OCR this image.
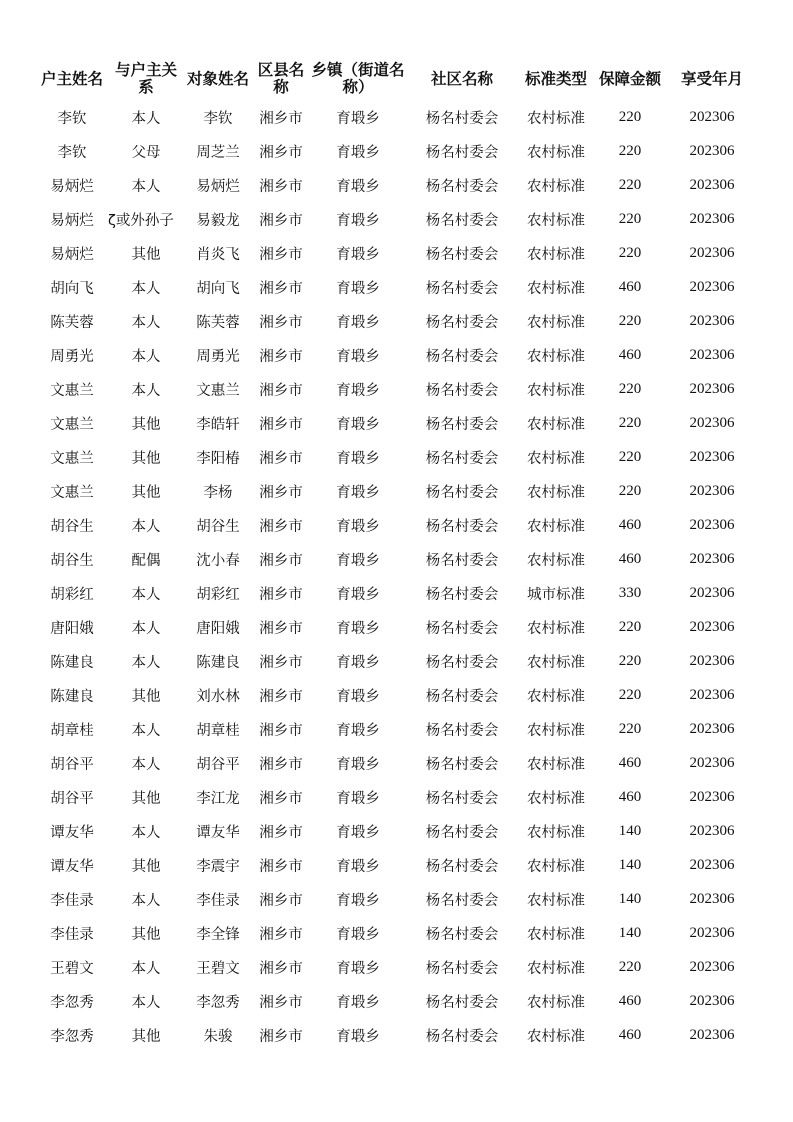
户主姓名	与户主关系	对象姓名	区县名称	乡镇（街道名称）	社区名称	标准类型	保障金额	享受年月
李钦	本人	李钦	湘乡市	育塅乡	杨名村委会	农村标准	220	202306
李钦	父母	周芝兰	湘乡市	育塅乡	杨名村委会	农村标准	220	202306
易炳烂	本人	易炳烂	湘乡市	育塅乡	杨名村委会	农村标准	220	202306
易炳烂	ζ或外孙子	易毅龙	湘乡市	育塅乡	杨名村委会	农村标准	220	202306
易炳烂	其他	肖炎飞	湘乡市	育塅乡	杨名村委会	农村标准	220	202306
胡向飞	本人	胡向飞	湘乡市	育塅乡	杨名村委会	农村标准	460	202306
陈芙蓉	本人	陈芙蓉	湘乡市	育塅乡	杨名村委会	农村标准	220	202306
周勇光	本人	周勇光	湘乡市	育塅乡	杨名村委会	农村标准	460	202306
文惠兰	本人	文惠兰	湘乡市	育塅乡	杨名村委会	农村标准	220	202306
文惠兰	其他	李皓轩	湘乡市	育塅乡	杨名村委会	农村标准	220	202306
文惠兰	其他	李阳椿	湘乡市	育塅乡	杨名村委会	农村标准	220	202306
文惠兰	其他	李杨	湘乡市	育塅乡	杨名村委会	农村标准	220	202306
胡谷生	本人	胡谷生	湘乡市	育塅乡	杨名村委会	农村标准	460	202306
胡谷生	配偶	沈小春	湘乡市	育塅乡	杨名村委会	农村标准	460	202306
胡彩红	本人	胡彩红	湘乡市	育塅乡	杨名村委会	城市标准	330	202306
唐阳娥	本人	唐阳娥	湘乡市	育塅乡	杨名村委会	农村标准	220	202306
陈建良	本人	陈建良	湘乡市	育塅乡	杨名村委会	农村标准	220	202306
陈建良	其他	刘水林	湘乡市	育塅乡	杨名村委会	农村标准	220	202306
胡章桂	本人	胡章桂	湘乡市	育塅乡	杨名村委会	农村标准	220	202306
胡谷平	本人	胡谷平	湘乡市	育塅乡	杨名村委会	农村标准	460	202306
胡谷平	其他	李江龙	湘乡市	育塅乡	杨名村委会	农村标准	460	202306
谭友华	本人	谭友华	湘乡市	育塅乡	杨名村委会	农村标准	140	202306
谭友华	其他	李震宇	湘乡市	育塅乡	杨名村委会	农村标准	140	202306
李佳录	本人	李佳录	湘乡市	育塅乡	杨名村委会	农村标准	140	202306
李佳录	其他	李全锋	湘乡市	育塅乡	杨名村委会	农村标准	140	202306
王碧文	本人	王碧文	湘乡市	育塅乡	杨名村委会	农村标准	220	202306
李忽秀	本人	李忽秀	湘乡市	育塅乡	杨名村委会	农村标准	460	202306
李忽秀	其他	朱骏	湘乡市	育塅乡	杨名村委会	农村标准	460	202306
